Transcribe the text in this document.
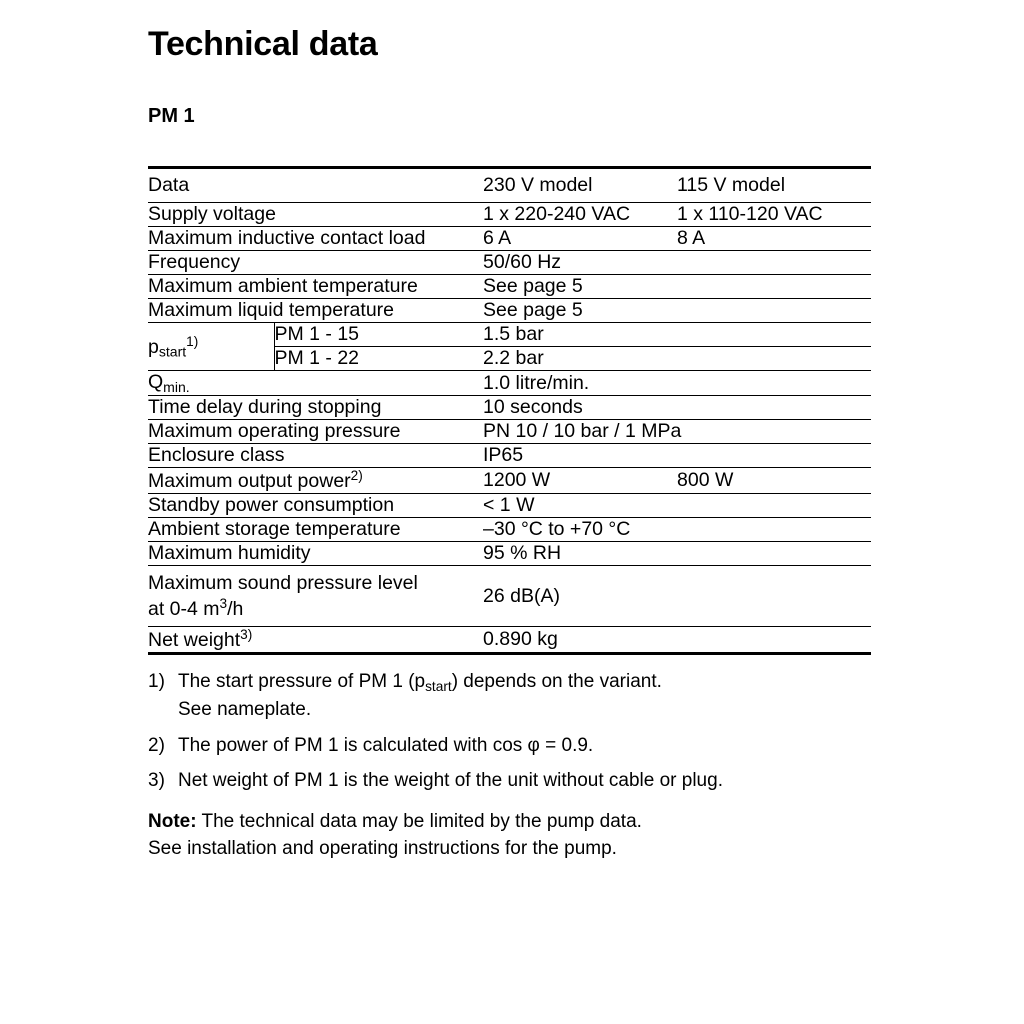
Technical data
PM 1
Data	230 V model	115 V model
Supply voltage	1 x 220-240 VAC	1 x 110-120 VAC
Maximum inductive contact load	6 A	8 A
Frequency	50/60 Hz
Maximum ambient temperature	See page 5
Maximum liquid temperature	See page 5

$p_{start}^{1)}$	PM 1 - 15	1.5 bar
PM 1 - 22	2.2 bar

$Q_{min.}$	1.0 litre/min.
Time delay during stopping	10 seconds
Maximum operating pressure	PN 10 / 10 bar / 1 MPa
Enclosure class	IP65
Maximum output power$^{2)}$	1200 W	800 W
Standby power consumption	< 1 W
Ambient storage temperature	–30 °C to +70 °C
Maximum humidity	95 % RH
Maximum sound pressure level
at 0-4 $m^3/h$	26 dB(A)
Net weight$^{3)}$	0.890 kg
1) The start pressure of PM 1 $(p_{start})$ depends on the variant.
See nameplate.
2) The power of PM 1 is calculated with cos φ = 0.9.
3) Net weight of PM 1 is the weight of the unit without cable or plug.
Note: The technical data may be limited by the pump data.
See installation and operating instructions for the pump.
